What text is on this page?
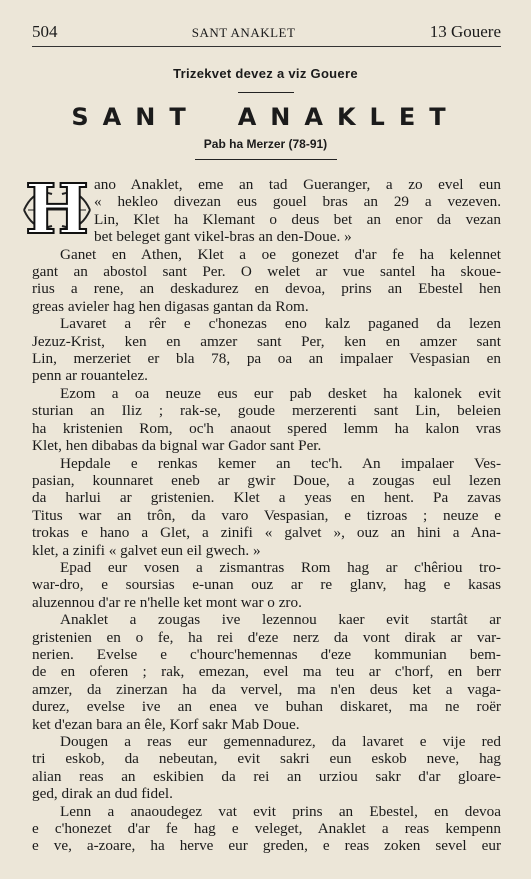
504	SANT ANAKLET	13 Gouere
Trizekvet devez a viz Gouere
SANT ANAKLET
Pab ha Merzer (78-91)
H ano Anaklet, eme an tad Gueranger, a zo evel eun
« hekleo divezan eus gouel bras an 29 a vezeven.
Lin, Klet ha Klemant o deus bet an enor da vezan
bet beleget gant vikel-bras an den-Doue. »
Ganet en Athen, Klet a oe gonezet d'ar fe ha kelennet
gant an abostol sant Per. O welet ar vue santel ha skoue-
rius a rene, an deskadurez en devoa, prins an Ebestel hen
greas avieler hag hen digasas gantan da Rom.
Lavaret a rêr e c'honezas eno kalz paganed da lezen
Jezuz-Krist, ken en amzer sant Per, ken en amzer sant
Lin, merzeriet er bla 78, pa oa an impalaer Vespasian en
penn ar rouantelez.
Ezom a oa neuze eus eur pab desket ha kalonek evit
sturian an Iliz ; rak-se, goude merzerenti sant Lin, beleien
ha kristenien Rom, oc'h anaout spered lemm ha kalon vras
Klet, hen dibabas da bignal war Gador sant Per.
Hepdale e renkas kemer an tec'h. An impalaer Ves-
pasian, kounnaret eneb ar gwir Doue, a zougas eul lezen
da harlui ar gristenien. Klet a yeas en hent. Pa zavas
Titus war an trôn, da varo Vespasian, e tizroas ; neuze e
trokas e hano a Glet, a zinifi « galvet », ouz an hini a Ana-
klet, a zinifi « galvet eun eil gwech. »
Epad eur vosen a zismantras Rom hag ar c'hêriou tro-
war-dro, e soursias e-unan ouz ar re glanv, hag e kasas
aluzennou d'ar re n'helle ket mont war o zro.
Anaklet a zougas ive lezennou kaer evit startât ar
gristenien en o fe, ha rei d'eze nerz da vont dirak ar var-
nerien. Evelse e c'hourc'hemennas d'eze kommunian bem-
de en oferen ; rak, emezan, evel ma teu ar c'horf, en berr
amzer, da zinerzan ha da vervel, ma n'en deus ket a vaga-
durez, evelse ive an enea ve buhan diskaret, ma ne roër
ket d'ezan bara an êle, Korf sakr Mab Doue.
Dougen a reas eur gemennadurez, da lavaret e vije red
tri eskob, da nebeutan, evit sakri eun eskob neve, hag
alian reas an eskibien da rei an urziou sakr d'ar gloare-
ged, dirak an dud fidel.
Lenn a anaoudegez vat evit prins an Ebestel, en devoa
e c'honezet d'ar fe hag e veleget, Anaklet a reas kempenn
e ve, a-zoare, ha herve eur greden, e reas zoken sevel eur
